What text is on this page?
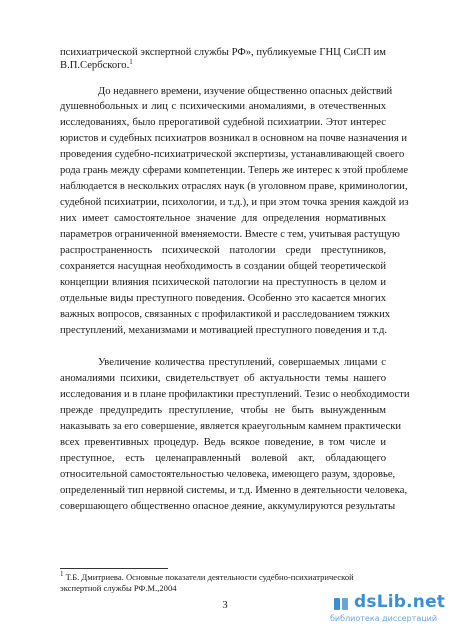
психиатрической экспертной службы РФ», публикуемые ГНЦ СиСП им
В.П.Сербского.$^1$
До недавнего времени, изучение общественно опасных действий
душевнобольных и лиц с психическими аномалиями, в отечественных
исследованиях, было прерогативой судебной психиатрии. Этот интерес
юристов и судебных психиатров возникал в основном на почве назначения и
проведения судебно-психиатрической экспертизы, устанавливающей своего
рода грань между сферами компетенции. Теперь же интерес к этой проблеме
наблюдается в нескольких отраслях наук (в уголовном праве, криминологии,
судебной психиатрии, психологии, и т.д.), и при этом точка зрения каждой из
них имеет самостоятельное значение для определения нормативных
параметров ограниченной вменяемости. Вместе с тем, учитывая растущую
распространенность психической патологии среди преступников,
сохраняется насущная необходимость в создании общей теоретической
концепции влияния психической патологии на преступность в целом и
отдельные виды преступного поведения. Особенно это касается многих
важных вопросов, связанных с профилактикой и расследованием тяжких
преступлений, механизмами и мотивацией преступного поведения и т.д.
Увеличение количества преступлений, совершаемых лицами с
аномалиями психики, свидетельствует об актуальности темы нашего
исследования и в плане профилактики преступлений. Тезис о необходимости
прежде предупредить преступление, чтобы не быть вынужденным
наказывать за его совершение, является краеугольным камнем практически
всех превентивных процедур. Ведь всякое поведение, в том числе и
преступное, есть целенаправленный волевой акт, обладающего
относительной самостоятельностью человека, имеющего разум, здоровье,
определенный тип нервной системы, и т.д. Именно в деятельности человека,
совершающего общественно опасное деяние, аккумулируются результаты
$^1$ Т.Б. Дмитриева. Основные показатели деятельности судебно-психиатрической
экспертной службы РФ.М.,2004
3	dsLib.net
библиотека диссертаций
